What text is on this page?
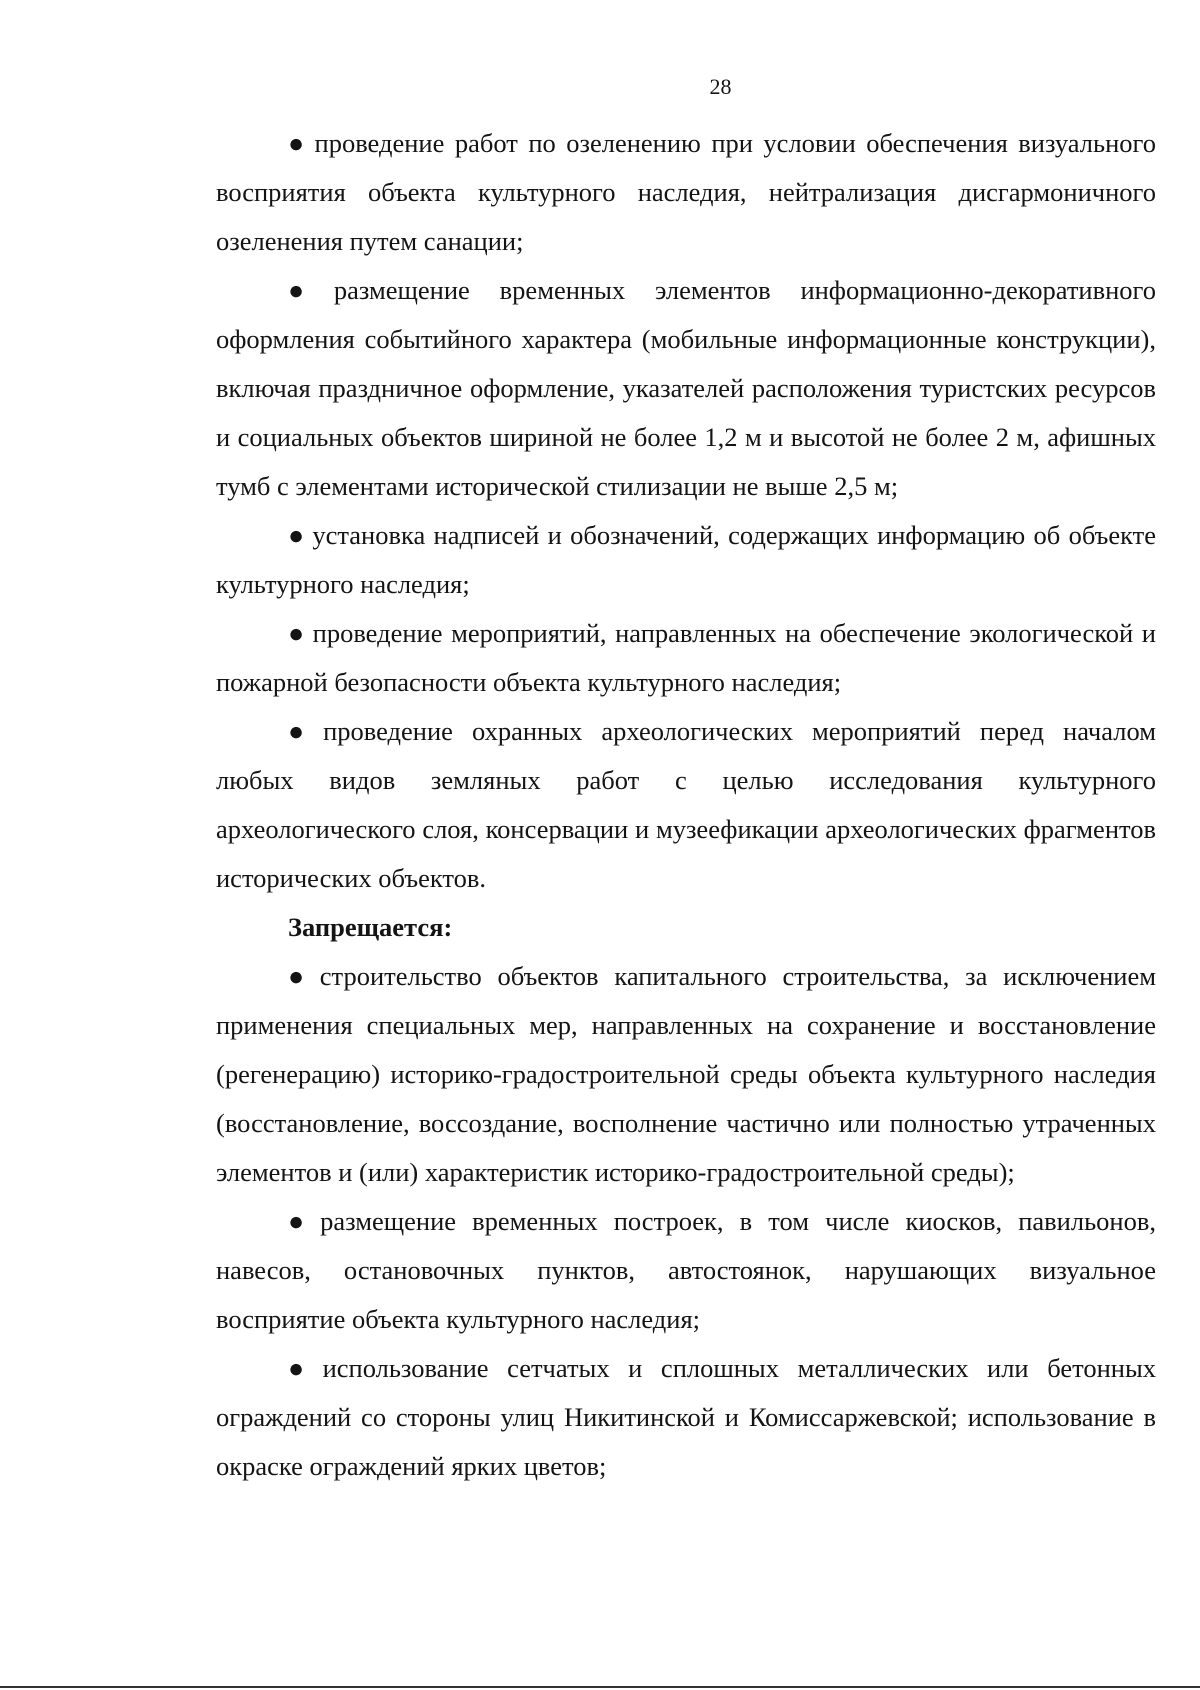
28

● проведение работ по озеленению при условии обеспечения визуального восприятия объекта культурного наследия, нейтрализация дисгармоничного озеленения путем санации;

● размещение временных элементов информационно-декоративного оформления событийного характера (мобильные информационные конструкции), включая праздничное оформление, указателей расположения туристских ресурсов и социальных объектов шириной не более 1,2 м и высотой не более 2 м, афишных тумб с элементами исторической стилизации не выше 2,5 м;

● установка надписей и обозначений, содержащих информацию об объекте культурного наследия;

● проведение мероприятий, направленных на обеспечение экологической и пожарной безопасности объекта культурного наследия;

● проведение охранных археологических мероприятий перед началом любых видов земляных работ с целью исследования культурного археологического слоя, консервации и музеефикации археологических фрагментов исторических объектов.

Запрещается:

● строительство объектов капитального строительства, за исключением применения специальных мер, направленных на сохранение и восстановление (регенерацию) историко-градостроительной среды объекта культурного наследия (восстановление, воссоздание, восполнение частично или полностью утраченных элементов и (или) характеристик историко-градостроительной среды);

● размещение временных построек, в том числе киосков, павильонов, навесов, остановочных пунктов, автостоянок, нарушающих визуальное восприятие объекта культурного наследия;

● использование сетчатых и сплошных металлических или бетонных ограждений со стороны улиц Никитинской и Комиссаржевской; использование в окраске ограждений ярких цветов;
